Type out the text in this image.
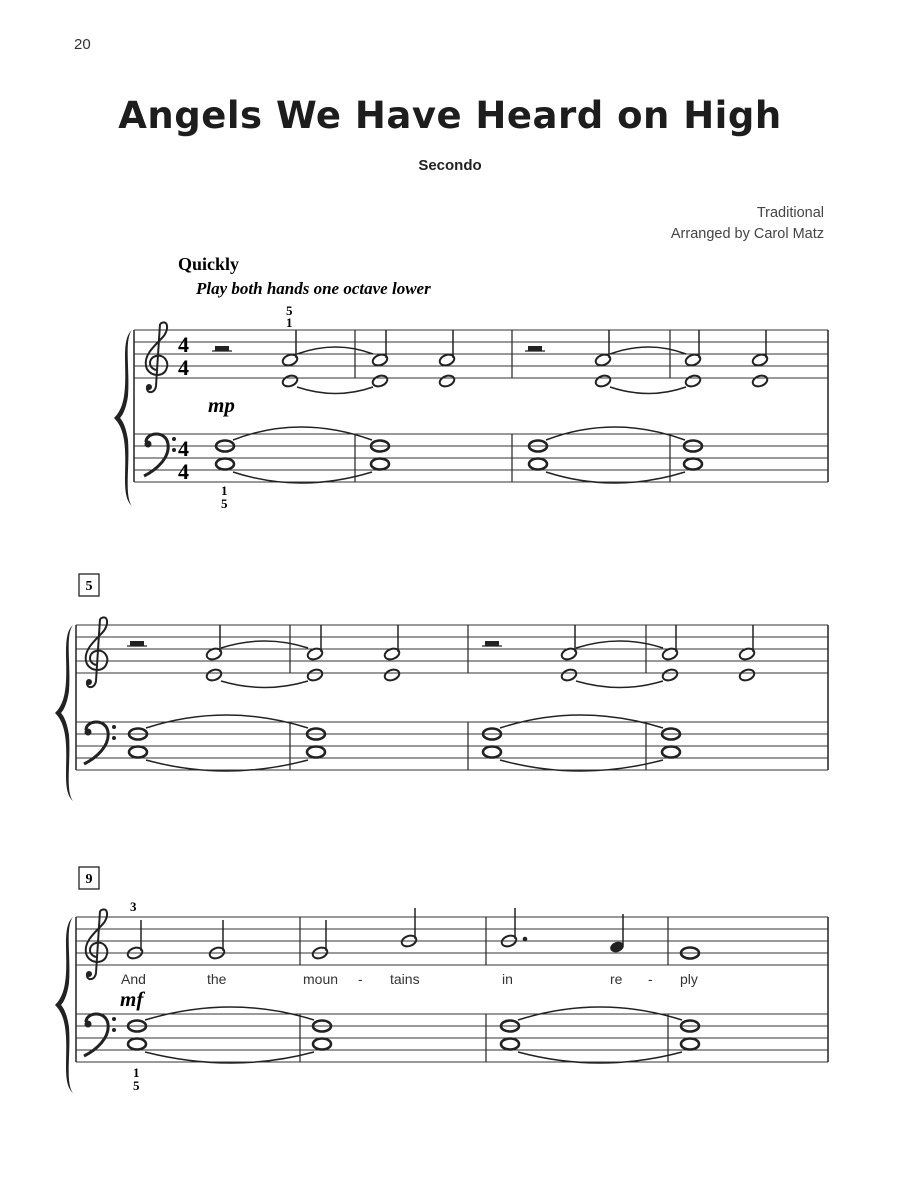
20
Angels We Have Heard on High
Secondo
Traditional
Arranged by Carol Matz
Quickly
Play both hands one octave lower
4
4
4
4
5
1
mp
1
5
5
9
3
And	the	moun - tains	in	re - ply
mf
1
5
